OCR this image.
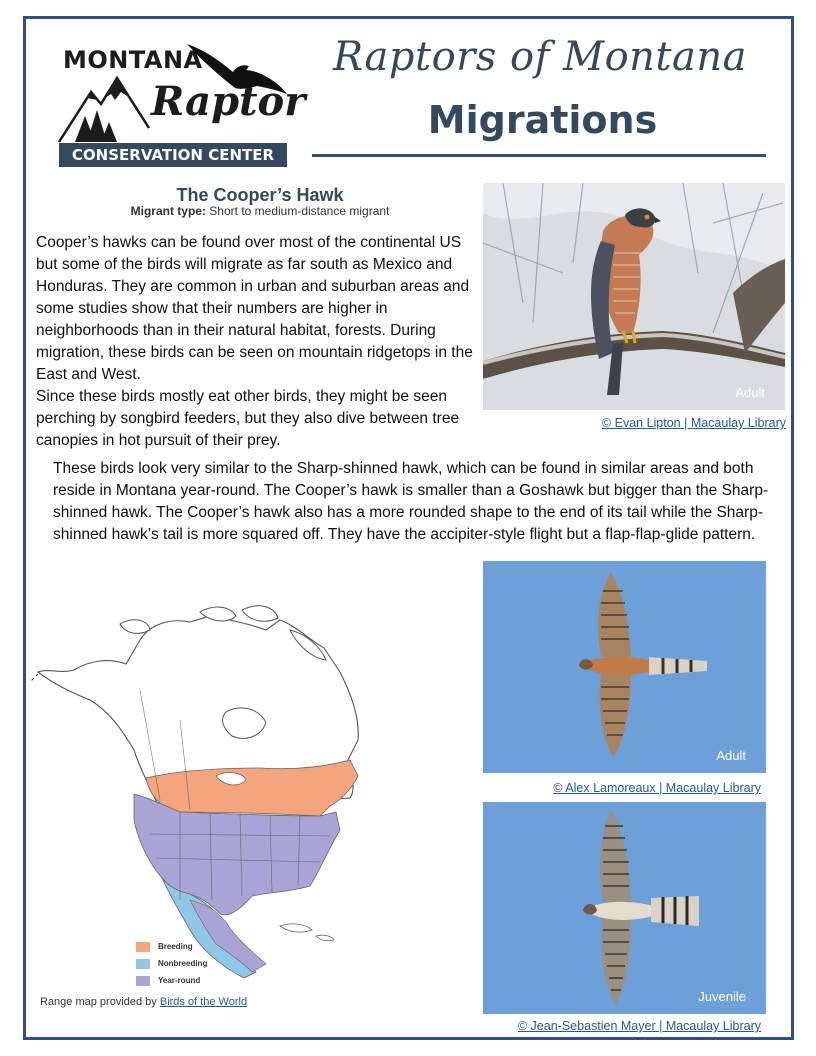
MONTANA
Raptor
CONSERVATION CENTER
Raptors of Montana
Migrations
The Cooper’s Hawk
Migrant type: Short to medium-distance migrant
Cooper’s hawks can be found over most of the continental US but some of the birds will migrate as far south as Mexico and Honduras. They are common in urban and suburban areas and some studies show that their numbers are higher in neighborhoods than in their natural habitat, forests. During migration, these birds can be seen on mountain ridgetops in the East and West.
Since these birds mostly eat other birds, they might be seen perching by songbird feeders, but they also dive between tree canopies in hot pursuit of their prey.
Adult
© Evan Lipton | Macaulay Library
These birds look very similar to the Sharp-shinned hawk, which can be found in similar areas and both reside in Montana year-round. The Cooper’s hawk is smaller than a Goshawk but bigger than the Sharp-shinned hawk. The Cooper’s hawk also has a more rounded shape to the end of its tail while the Sharp-shinned hawk’s tail is more squared off. They have the accipiter-style flight but a flap-flap-glide pattern.
Adult
© Alex Lamoreaux | Macaulay Library
Juvenile
© Jean-Sebastien Mayer | Macaulay Library
Breeding
Nonbreeding
Year-round
Range map provided by Birds of the World
